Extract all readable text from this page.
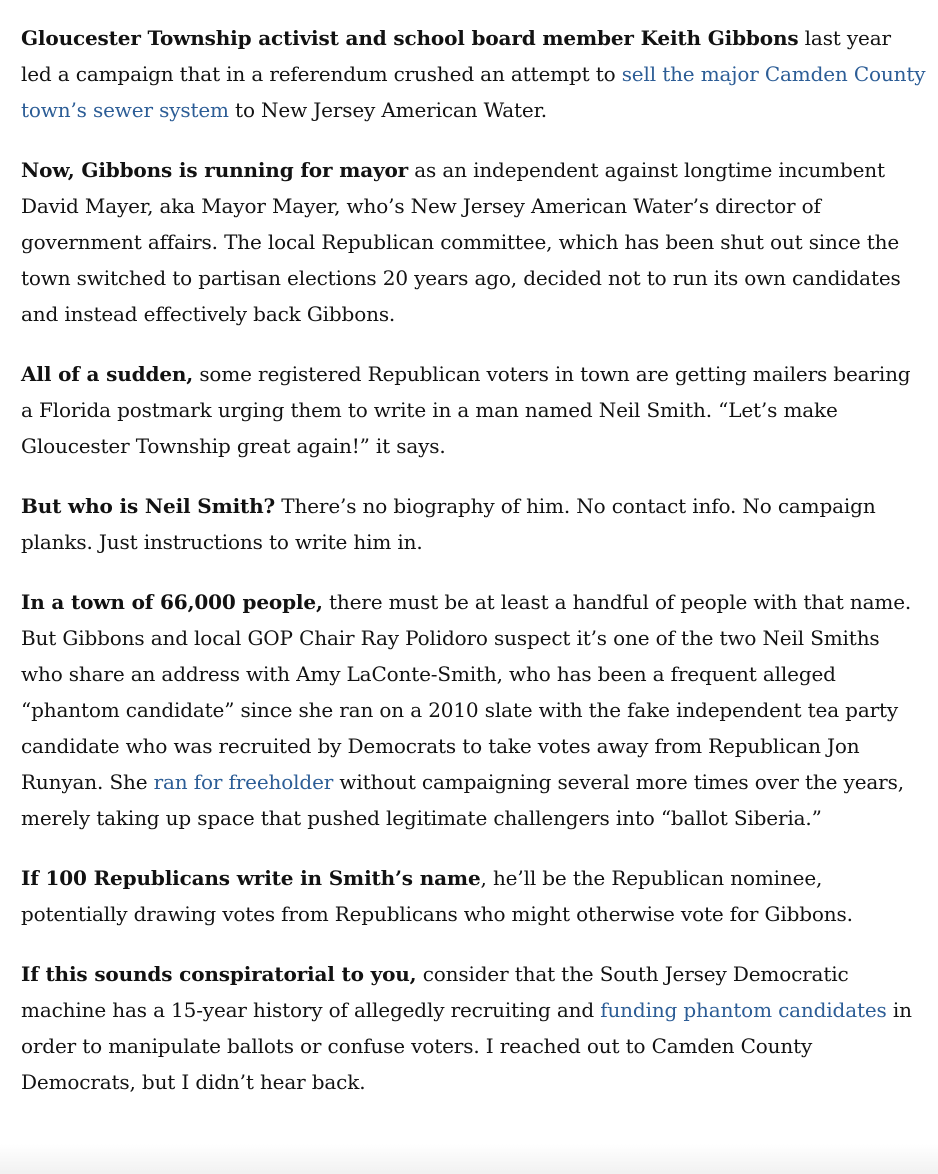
Gloucester Township activist and school board member Keith Gibbons last year led a campaign that in a referendum crushed an attempt to sell the major Camden County town’s sewer system to New Jersey American Water.

Now, Gibbons is running for mayor as an independent against longtime incumbent David Mayer, aka Mayor Mayer, who’s New Jersey American Water’s director of government affairs. The local Republican committee, which has been shut out since the town switched to partisan elections 20 years ago, decided not to run its own candidates and instead effectively back Gibbons.

All of a sudden, some registered Republican voters in town are getting mailers bearing a Florida postmark urging them to write in a man named Neil Smith. “Let’s make Gloucester Township great again!” it says.

But who is Neil Smith? There’s no biography of him. No contact info. No campaign planks. Just instructions to write him in.

In a town of 66,000 people, there must be at least a handful of people with that name. But Gibbons and local GOP Chair Ray Polidoro suspect it’s one of the two Neil Smiths who share an address with Amy LaConte-Smith, who has been a frequent alleged “phantom candidate” since she ran on a 2010 slate with the fake independent tea party candidate who was recruited by Democrats to take votes away from Republican Jon Runyan. She ran for freeholder without campaigning several more times over the years, merely taking up space that pushed legitimate challengers into “ballot Siberia.”

If 100 Republicans write in Smith’s name, he’ll be the Republican nominee, potentially drawing votes from Republicans who might otherwise vote for Gibbons.

If this sounds conspiratorial to you, consider that the South Jersey Democratic machine has a 15-year history of allegedly recruiting and funding phantom candidates in order to manipulate ballots or confuse voters. I reached out to Camden County Democrats, but I didn’t hear back.
